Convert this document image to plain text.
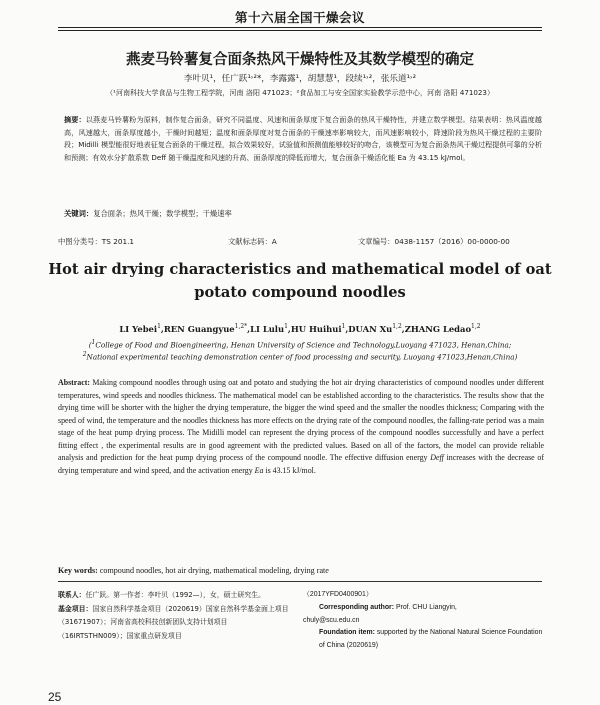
第十六届全国干燥会议
燕麦马铃薯复合面条热风干燥特性及其数学模型的确定
李叶贝¹，任广跃¹˒²*，李露露¹，胡慧慧¹，段续¹˒²，张乐道¹˒²
（¹河南科技大学食品与生物工程学院，河南 洛阳 471023；²食品加工与安全国家实验教学示范中心，河南 洛阳 471023）
摘要：以燕麦马铃薯粉为原料，制作复合面条，研究不同温度、风速和面条厚度下复合面条的热风干燥特性，并建立数学模型。结果表明：热风温度越高，风速越大，面条厚度越小，干燥时间越短；温度和面条厚度对复合面条的干燥速率影响较大，而风速影响较小，降速阶段为热风干燥过程的主要阶段；Midilli 模型能很好地表征复合面条的干燥过程，拟合效果较好，试验值和预测值能够较好的吻合，该模型可为复合面条热风干燥过程提供可靠的分析和预测；有效水分扩散系数 Deff 随干燥温度和风速的升高、面条厚度的降低而增大，复合面条干燥活化能 Ea 为 43.15 kJ/mol。
关键词：复合面条；热风干燥；数学模型；干燥速率
中图分类号：TS 201.1	文献标志码：A	文章编号：0438-1157（2016）00-0000-00
Hot air drying characteristics and mathematical model of oat potato compound noodles
LI Yebei$^1$,REN Guangyue$^{1,2*}$,LI Lulu$^1$,HU Huihui$^1$,DUAN Xu$^{1,2}$,ZHANG Ledao$^{1,2}$
($^1$College of Food and Bioengineering, Henan University of Science and Technology,Luoyang 471023, Henan,China;
$^2$National experimental teaching demonstration center of food processing and security, Luoyang 471023,Henan,China)
Abstract: Making compound noodles through using oat and potato and studying the hot air drying characteristics of compound noodles under different temperatures, wind speeds and noodles thickness. The mathematical model can be established according to the characteristics. The results show that the drying time will be shorter with the higher the drying temperature, the bigger the wind speed and the smaller the noodles thickness; Comparing with the speed of wind, the temperature and the noodles thickness has more effects on the drying rate of the compound noodles, the falling-rate period was a main stage of the heat pump drying process. The Midilli model can represent the drying process of the compound noodles successfully and have a perfect fitting effect , the experimental results are in good agreement with the predicted values. Based on all of the factors, the model can provide reliable analysis and prediction for the heat pump drying process of the compound noodle. The effective diffusion energy Deff increases with the decrease of drying temperature and wind speed, and the activation energy Ea is 43.15 kJ/mol.
Key words: compound noodles, hot air drying, mathematical modeling, drying rate
联系人：任广跃。第一作者：李叶贝（1992—），女，硕士研究生。
基金项目：国家自然科学基金项目（2020619）国家自然科学基金面上项目（31671907）；河南省高校科技创新团队支持计划项目（16IRTSTHN009）；国家重点研发项目
（2017YFD0400901）
Corresponding author: Prof. CHU Liangyin,
chuly@scu.edu.cn
Foundation item: supported by the National Natural Science Foundation of China (2020619)
25
